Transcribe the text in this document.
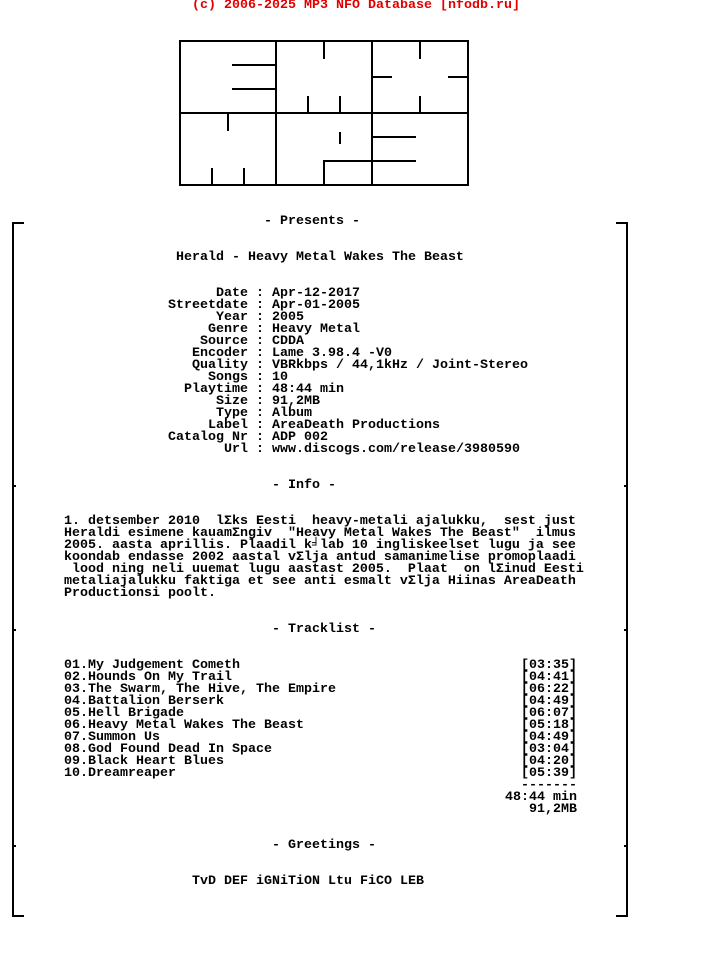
(c) 2006-2025 MP3 NFO Database [nfodb.ru]
- Presents -
Herald - Heavy Metal Wakes The Beast
Date : Apr-12-2017
Streetdate : Apr-01-2005
Year : 2005
Genre : Heavy Metal
Source : CDDA
Encoder : Lame 3.98.4 -V0
Quality : VBRkbps / 44,1kHz / Joint-Stereo
Songs : 10
Playtime : 48:44 min
Size : 91,2MB
Type : Album
Label : AreaDeath Productions
Catalog Nr : ADP 002
Url : www.discogs.com/release/3980590
- Info -
1. detsember 2010  lΣks Eesti  heavy-metali ajalukku,  sest just
Heraldi esimene kauamΣngiv  "Heavy Metal Wakes The Beast"  ilmus
2005. aasta aprillis. Plaadil k╛lab 10 ingliskeelset lugu ja see
koondab endasse 2002 aastal vΣlja antud samanimelise promoplaadi
lood ning neli uuemat lugu aastast 2005.  Plaat  on lΣinud Eesti
metaliajalukku faktiga et see anti esmalt vΣlja Hiinas AreaDeath
Productionsi poolt.
- Tracklist -
01.My Judgement Cometh	[03:35]
02.Hounds On My Trail	[04:41]
03.The Swarm, The Hive, The Empire	[06:22]
04.Battalion Berserk	[04:49]
05.Hell Brigade	[06:07]
06.Heavy Metal Wakes The Beast	[05:18]
07.Summon Us	[04:49]
08.God Found Dead In Space	[03:04]
09.Black Heart Blues	[04:20]
10.Dreamreaper	[05:39]
-------
48:44 min
91,2MB
- Greetings -
TvD DEF iGNiTiON Ltu FiCO LEB
